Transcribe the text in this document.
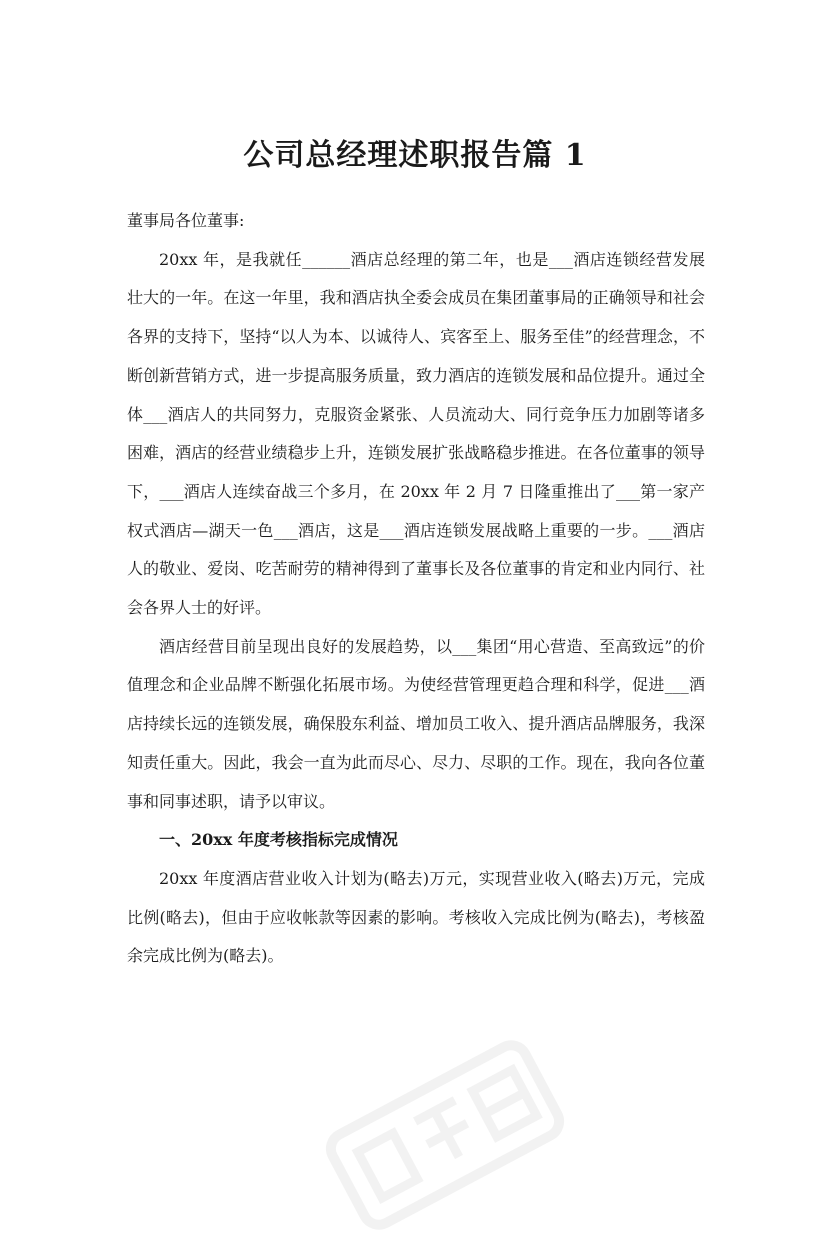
公司总经理述职报告篇 1

董事局各位董事:

20xx 年，是我就任______酒店总经理的第二年，也是___酒店连锁经营发展壮大的一年。在这一年里，我和酒店执全委会成员在集团董事局的正确领导和社会各界的支持下，坚持“以人为本、以诚待人、宾客至上、服务至佳”的经营理念，不断创新营销方式，进一步提高服务质量，致力酒店的连锁发展和品位提升。通过全体___酒店人的共同努力，克服资金紧张、人员流动大、同行竞争压力加剧等诸多困难，酒店的经营业绩稳步上升，连锁发展扩张战略稳步推进。在各位董事的领导下，___酒店人连续奋战三个多月，在 20xx 年 2 月 7 日隆重推出了___第一家产权式酒店—湖天一色___酒店，这是___酒店连锁发展战略上重要的一步。___酒店人的敬业、爱岗、吃苦耐劳的精神得到了董事长及各位董事的肯定和业内同行、社会各界人士的好评。

酒店经营目前呈现出良好的发展趋势，以___集团“用心营造、至高致远”的价值理念和企业品牌不断强化拓展市场。为使经营管理更趋合理和科学，促进___酒店持续长远的连锁发展，确保股东利益、增加员工收入、提升酒店品牌服务，我深知责任重大。因此，我会一直为此而尽心、尽力、尽职的工作。现在，我向各位董事和同事述职，请予以审议。

一、20xx 年度考核指标完成情况

20xx 年度酒店营业收入计划为(略去)万元，实现营业收入(略去)万元，完成比例(略去)，但由于应收帐款等因素的影响。考核收入完成比例为(略去)，考核盈余完成比例为(略去)。
